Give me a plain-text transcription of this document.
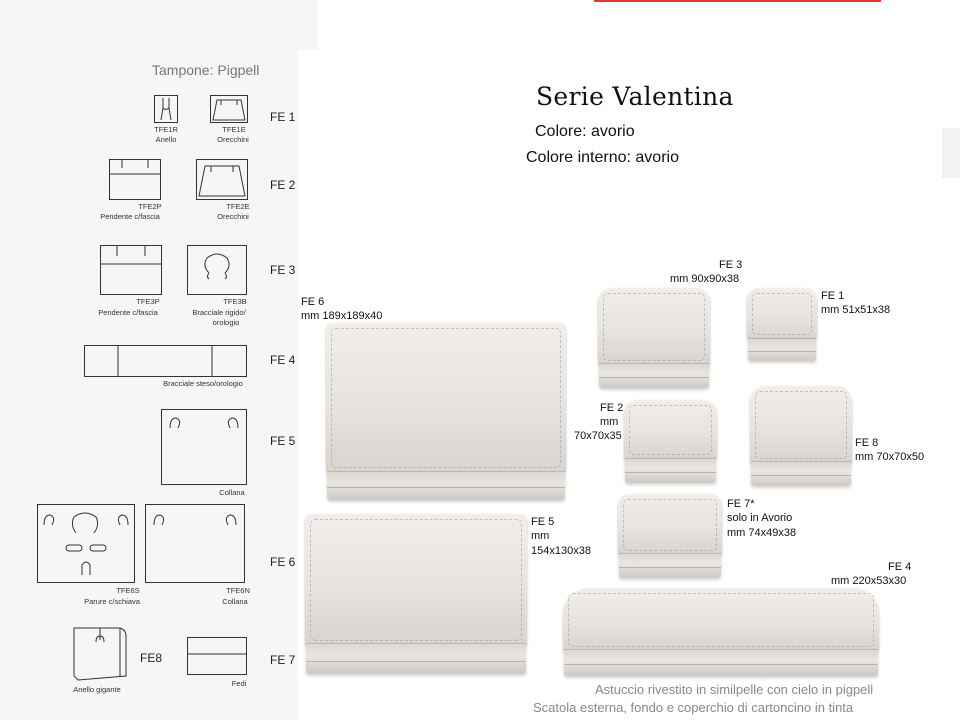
Tampone: Pigpell
FE 1
FE 2
FE 3
FE 4
FE 5
FE 6
FE 7
TFE1R
Anello
TFE1E
Orecchini
TFE2P
Pendente c/fascia
TFE2E
Orecchini
TFE3P
Pendente c/fascia
TFE3B
Bracciale rigido/
orologio
Bracciale steso/orologio
Collana
TFE6S
Parure c/schiava
TFE6N
Collana
FE8
Anello gigante
Fedi
Serie Valentina
Colore: avorio
Colore interno: avorio
FE 6
mm 189x189x40
FE 3
mm 90x90x38
FE 1
mm 51x51x38
FE 2
mm
70x70x35
FE 8
mm 70x70x50
FE 7*
solo in Avorio
mm 74x49x38
FE 5
mm
154x130x38
FE 4
mm 220x53x30
Astuccio rivestito in similpelle con cielo in pigpell
Scatola esterna, fondo e coperchio di cartoncino in tinta
